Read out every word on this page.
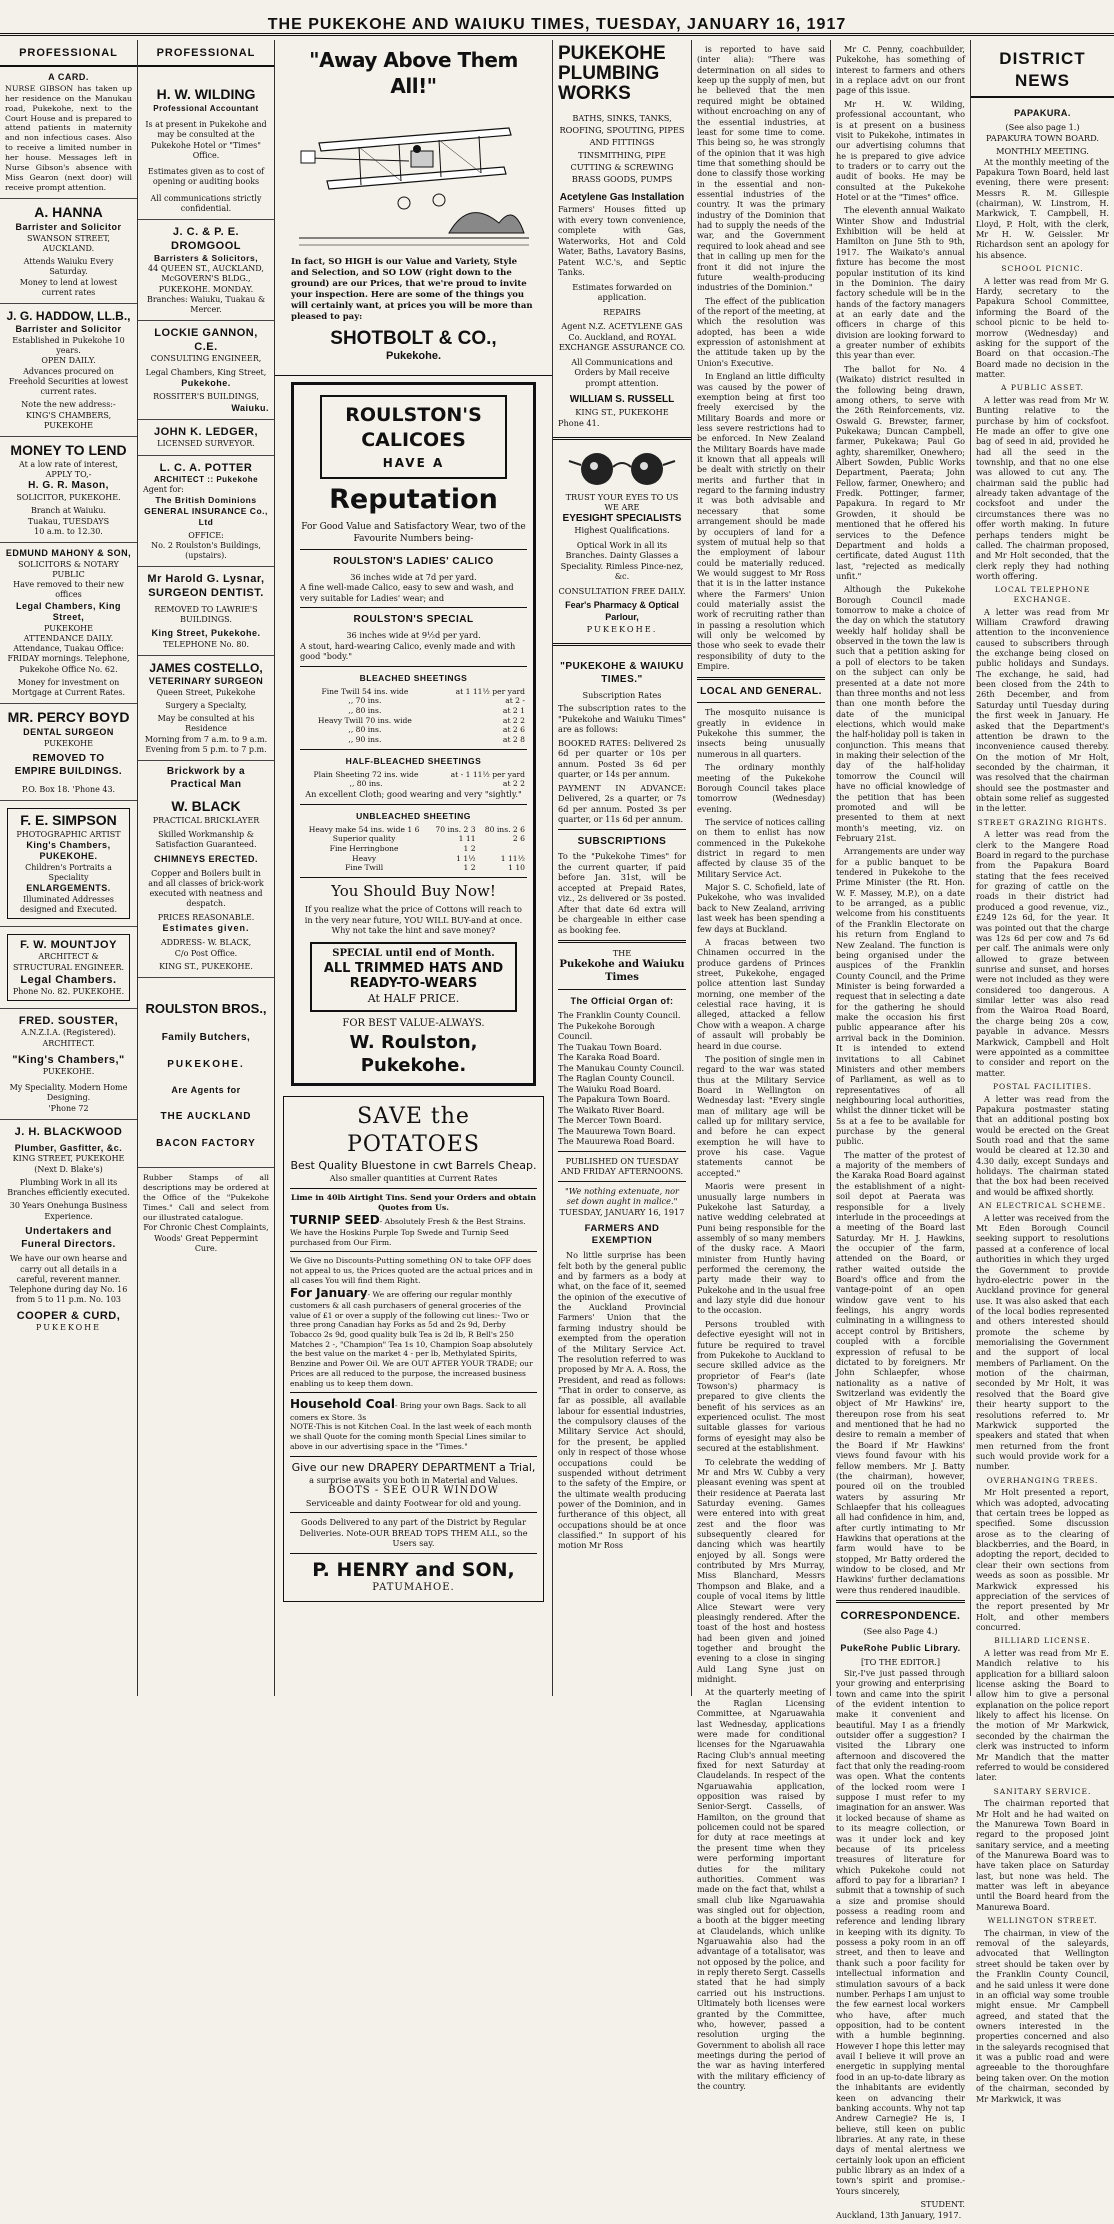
THE PUKEKOHE AND WAIUKU TIMES, TUESDAY, JANUARY 16, 1917
PROFESSIONAL
A CARD.
NURSE GIBSON has taken up her residence on the Manukau road, Pukekohe, next to the Court House and is prepared to attend patients in maternity and non infectious cases. Also to receive a limited number in her house. Messages left in Nurse Gibson's absence with Miss Gearon (next door) will receive prompt attention.
A. HANNA
Barrister and Solicitor
SWANSON STREET, AUCKLAND.
Attends Waiuku Every Saturday.
Money to lend at lowest current rates
J. G. HADDOW, LL.B.,
Barrister and Solicitor
Established in Pukekohe 10 years.
OPEN DAILY.
Advances procured on Freehold Securities at lowest current rates.
Note the new address:-
KING'S CHAMBERS, PUKEKOHE
MONEY TO LEND
At a low rate of interest,
APPLY TO,-
H. G. R. Mason,
SOLICITOR, PUKEKOHE.
Branch at Waiuku.
Tuakau, TUESDAYS
10 a.m. to 12.30.
EDMUND MAHONY & SON,
SOLICITORS & NOTARY PUBLIC
Have removed to their new offices
Legal Chambers, King Street,
PUKEKOHE
ATTENDANCE DAILY.
Attendance, Tuakau Office: FRIDAY mornings. Telephone, Pukekohe Office No. 62.
Money for investment on Mortgage at Current Rates.
MR. PERCY BOYD
DENTAL SURGEON
PUKEKOHE
REMOVED TO
EMPIRE BUILDINGS.
P.O. Box 18. 'Phone 43.
F. E. SIMPSON
PHOTOGRAPHIC ARTIST
King's Chambers,
PUKEKOHE.
Children's Portraits a Speciality
ENLARGEMENTS.
Illuminated Addresses designed and Executed.
F. W. MOUNTJOY
ARCHITECT & STRUCTURAL ENGINEER.
Legal Chambers.
Phone No. 82. PUKEKOHE.
FRED. SOUSTER,
A.N.Z.I.A. (Registered).
ARCHITECT.
"King's Chambers,"
PUKEKOHE.
My Speciality. Modern Home Designing.
'Phone 72
J. H. BLACKWOOD
Plumber, Gasfitter, &c.
KING STREET, PUKEKOHE
(Next D. Blake's)
Plumbing Work in all its Branches efficiently executed.
30 Years Onehunga Business Experience.
Undertakers and Funeral Directors.
We have our own hearse and carry out all details in a careful, reverent manner.
Telephone during day No. 16
from 5 to 11 p.m. No. 103
COOPER & CURD,
PUKEKOHE
PROFESSIONAL
H. W. WILDING
Professional Accountant
Is at present in Pukekohe and may be consulted at the Pukekohe Hotel or "Times" Office.
Estimates given as to cost of opening or auditing books
All communications strictly confidential.
J. C. & P. E. DROMGOOL
Barristers & Solicitors,
44 QUEEN ST., AUCKLAND,
McGOVERN'S BLDG., PUKEKOHE. MONDAY.
Branches: Waiuku, Tuakau & Mercer.
LOCKIE GANNON, C.E.
CONSULTING ENGINEER,
Legal Chambers, King Street,
Pukekohe.
ROSSITER'S BUILDINGS,
Waiuku.
JOHN K. LEDGER,
LICENSED SURVEYOR.
L. C. A. POTTER
ARCHITECT :: Pukekohe
Agent for:
The British Dominions GENERAL INSURANCE Co., Ltd
OFFICE:
No. 2 Roulston's Buildings, (upstairs).
Mr Harold G. Lysnar,
SURGEON DENTIST.
REMOVED TO LAWRIE'S BUILDINGS.
King Street, Pukekohe.
TELEPHONE No. 80.
JAMES COSTELLO,
VETERINARY SURGEON
Queen Street, Pukekohe
Surgery a Specialty,
May be consulted at his Residence
Morning from 7 a.m. to 9 a.m.
Evening from 5 p.m. to 7 p.m.
Brickwork by a Practical Man
W. BLACK
PRACTICAL BRICKLAYER
Skilled Workmanship & Satisfaction Guaranteed.
CHIMNEYS ERECTED.
Copper and Boilers built in and all classes of brick-work executed with neatness and despatch.
PRICES REASONABLE.
Estimates given.
ADDRESS- W. BLACK,
C/o Post Office.
KING ST., PUKEKOHE.
ROULSTON BROS.,
Family Butchers,
PUKEKOHE.
Are Agents for
THE AUCKLAND
BACON FACTORY
Rubber Stamps of all descriptions may be ordered at the Office of the "Pukekohe Times." Call and select from our illustrated catalogue.
For Chronic Chest Complaints, Woods' Great Peppermint Cure.
"Away Above Them All!"
In fact, SO HIGH is our Value and Variety, Style and Selection, and SO LOW (right down to the ground) are our Prices, that we're proud to invite your inspection. Here are some of the things you will certainly want, at prices you will be more than pleased to pay:
SHOTBOLT & CO.,
Pukekohe.
ROULSTON'S
CALICOES
HAVE A
Reputation
For Good Value and Satisfactory Wear, two of the Favourite Numbers being-
ROULSTON'S LADIES' CALICO
36 inches wide at 7d per yard.
A fine well-made Calico, easy to sew and wash, and very suitable for Ladies' wear; and
ROULSTON'S SPECIAL
36 inches wide at 9½d per yard.
A stout, hard-wearing Calico, evenly made and with good "body."
BLEACHED SHEETINGS
Fine Twill 54 ins. wide	at 1 11½ per yard
,, 70 ins.	at 2 -
,, 80 ins.	at 2 1
Heavy Twill 70 ins. wide	at 2 2
,, 80 ins.	at 2 6
,, 90 ins.	at 2 8
HALF-BLEACHED SHEETINGS
Plain Sheeting 72 ins. wide	at - 1 11½ per yard
,, 80 ins.	at 2 2
An excellent Cloth; good wearing and very "sightly."
UNBLEACHED SHEETING
Heavy make 54 ins. wide 1 6	70 ins. 2 3	80 ins. 2 6
Superior quality	1 11	2 6
Fine Herringbone	1 2	
Heavy	1 1½	1 11½
Fine Twill	1 2	1 10
You Should Buy Now!
If you realize what the price of Cottons will reach to in the very near future, YOU WILL BUY-and at once. Why not take the hint and save money?
SPECIAL until end of Month.
ALL TRIMMED HATS AND READY-TO-WEARS
At HALF PRICE.
FOR BEST VALUE-ALWAYS.
W. Roulston, Pukekohe.
SAVE the POTATOES
Best Quality Bluestone in cwt Barrels Cheap.
Also smaller quantities at Current Rates
Lime in 40lb Airtight Tins. Send your Orders and obtain Quotes from Us.
TURNIP SEED- Absolutely Fresh & the Best Strains. We have the Hoskins Purple Top Swede and Turnip Seed purchased from Our Firm.
We Give no Discounts-Putting something ON to take OFF does not appeal to us, the Prices quoted are the actual prices and in all cases You will find them Right.
For January- We are offering our regular monthly customers & all cash purchasers of general groceries of the value of £1 or over a supply of the following cut lines:- Two or three prong Canadian hay Forks as 5d and 2s 9d, Derby Tobacco 2s 9d, good quality bulk Tea is 2d lb, R Bell's 250 Matches 2 -, "Champion" Tea 1s 10, Champion Soap absolutely the best value on the market 4 - per lb, Methylated Spirits, Benzine and Power Oil. We are OUT AFTER YOUR TRADE; our Prices are all reduced to the purpose, the increased business enabling us to keep them down.
Household Coal- Bring your own Bags. Sack to all comers ex Store. 3s
NOTE-This is not Kitchen Coal. In the last week of each month we shall Quote for the coming month Special Lines similar to above in our advertising space in the "Times."
Give our new DRAPERY DEPARTMENT a Trial,
a surprise awaits you both in Material and Values.
BOOTS - SEE OUR WINDOW
Serviceable and dainty Footwear for old and young.
Goods Delivered to any part of the District by Regular Deliveries. Note-OUR BREAD TOPS THEM ALL, so the Users say.
P. HENRY and SON,
PATUMAHOE.
PUKEKOHE PLUMBING WORKS
BATHS, SINKS, TANKS, ROOFING, SPOUTING, PIPES AND FITTINGS TINSMITHING, PIPE CUTTING & SCREWING BRASS GOODS, PUMPS
Acetylene Gas Installation
Farmers' Houses fitted up with every town convenience, complete with Gas, Waterworks, Hot and Cold Water, Baths, Lavatory Basins, Patent W.C.'s, and Septic Tanks.
Estimates forwarded on application.
REPAIRS
Agent N.Z. ACETYLENE GAS Co. Auckland, and ROYAL EXCHANGE ASSURANCE CO.
All Communications and Orders by Mail receive prompt attention.
WILLIAM S. RUSSELL
KING ST., PUKEKOHE
Phone 41.
TRUST YOUR EYES TO US
WE ARE
EYESIGHT SPECIALISTS
Highest Qualifications.
Optical Work in all its Branches. Dainty Glasses a Speciality. Rimless Pince-nez, &c.
CONSULTATION FREE DAILY.
Fear's Pharmacy & Optical Parlour,
PUKEKOHE.
"PUKEKOHE & WAIUKU TIMES."
Subscription Rates
The subscription rates to the "Pukekohe and Waiuku Times" are as follows:
BOOKED RATES: Delivered 2s 6d per quarter or 10s per annum. Posted 3s 6d per quarter, or 14s per annum.
PAYMENT IN ADVANCE: Delivered, 2s a quarter, or 7s 6d per annum. Posted 3s per quarter, or 11s 6d per annum.
SUBSCRIPTIONS
To the "Pukekohe Times" for the current quarter, if paid before Jan. 31st, will be accepted at Prepaid Rates, viz., 2s delivered or 3s posted. After that date 6d extra will be chargeable in either case as booking fee.
THE
Pukekohe and Waiuku Times
The Official Organ of:
The Franklin County Council.
The Pukekohe Borough Council.
The Tuakau Town Board.
The Karaka Road Board.
The Manukau County Council.
The Raglan County Council.
The Waiuku Road Board.
The Papakura Town Board.
The Waikato River Board.
The Mercer Town Board.
The Mauurewa Town Board.
The Mauurewa Road Board.
PUBLISHED ON TUESDAY AND FRIDAY AFTERNOONS.
"We nothing extenuate, nor set down aught in malice."
TUESDAY, JANUARY 16, 1917
FARMERS AND EXEMPTION

No little surprise has been felt both by the general public and by farmers as a body at what, on the face of it, seemed the opinion of the executive of the Auckland Provincial Farmers' Union that the farming industry should be exempted from the operation of the Military Service Act. The resolution referred to was proposed by Mr A. A. Ross, the President, and read as follows: "That in order to conserve, as far as possible, all available labour for essential industries, the compulsory clauses of the Military Service Act should, for the present, be applied only in respect of those whose occupations could be suspended without detriment to the safety of the Empire, or the ultimate wealth producing power of the Dominion, and in furtherance of this object, all occupations should be at once classified." In support of his motion Mr Ross

is reported to have said (inter alia): "There was determination on all sides to keep up the supply of men, but he believed that the men required might be obtained without encroaching on any of the essential industries, at least for some time to come. This being so, he was strongly of the opinion that it was high time that something should be done to classify those working in the essential and non-essential industries of the country. It was the primary industry of the Dominion that had to supply the needs of the war, and the Government required to look ahead and see that in calling up men for the front it did not injure the future wealth-producing industries of the Dominion."

The effect of the publication of the report of the meeting, at which the resolution was adopted, has been a wide expression of astonishment at the attitude taken up by the Union's Executive.

In England an little difficulty was caused by the power of exemption being at first too freely exercised by the Military Boards and more or less severe restrictions had to be enforced. In New Zealand the Military Boards have made it known that all appeals will be dealt with strictly on their merits and further that in regard to the farming industry it was both advisable and necessary that some arrangement should be made by occupiers of land for a system of mutual help so that the employment of labour could be materially reduced. We would suggest to Mr Ross that it is in the latter instance where the Farmers' Union could materially assist the work of recruiting rather than in passing a resolution which will only be welcomed by those who seek to evade their responsibility of duty to the Empire.

LOCAL AND GENERAL.

The mosquito nuisance is greatly in evidence in Pukekohe this summer, the insects being unusually numerous in all quarters.

The ordinary monthly meeting of the Pukekohe Borough Council takes place tomorrow (Wednesday) evening.

The service of notices calling on them to enlist has now commenced in the Pukekohe district in regard to men affected by clause 35 of the Military Service Act.

Major S. C. Schofield, late of Pukekohe, who was invalided back to New Zealand, arriving last week has been spending a few days at Buckland.

A fracas between two Chinamen occurred in the produce gardens of Princes street, Pukekohe, engaged police attention last Sunday morning, one member of the celestial race having, it is alleged, attacked a fellow Chow with a weapon. A charge of assault will probably be heard in due course.

The position of single men in regard to the war was stated thus at the Military Service Board in Wellington on Wednesday last: "Every single man of military age will be called up for military service, and before he can expect exemption he will have to prove his case. Vague statements cannot be accepted."

Maoris were present in unusually large numbers in Pukekohe last Saturday, a native wedding celebrated at Puni being responsible for the assembly of so many members of the dusky race. A Maori minister from Huntly having performed the ceremony, the party made their way to Pukekohe and in the usual free and lazy style did due honour to the occasion.

Persons troubled with defective eyesight will not in future be required to travel from Pukekohe to Auckland to secure skilled advice as the proprietor of Fear's (late Towson's) pharmacy is prepared to give clients the benefit of his services as an experienced oculist. The most suitable glasses for various forms of eyesight may also be secured at the establishment.

To celebrate the wedding of Mr and Mrs W. Cubby a very pleasant evening was spent at their residence at Paerata last Saturday evening. Games were entered into with great zest and the floor was subsequently cleared for dancing which was heartily enjoyed by all. Songs were contributed by Mrs Murray, Miss Blanchard, Messrs Thompson and Blake, and a couple of vocal items by little Alice Stewart were very pleasingly rendered. After the toast of the host and hostess had been given and joined together and brought the evening to a close in singing Auld Lang Syne just on midnight.

At the quarterly meeting of the Raglan Licensing Committee, at Ngaruawahia last Wednesday, applications were made for conditional licenses for the Ngaruawahia Racing Club's annual meeting fixed for next Saturday at Claudelands. In respect of the Ngaruawahia application, opposition was raised by Senior-Sergt. Cassells, of Hamilton, on the ground that policemen could not be spared for duty at race meetings at the present time when they were performing important duties for the military authorities. Comment was made on the fact that, whilst a small club like Ngaruawahia was singled out for objection, a booth at the bigger meeting at Claudelands, which unlike Ngaruawahia also had the advantage of a totalisator, was not opposed by the police, and in reply thereto Sergt. Cassells stated that he had simply carried out his instructions. Ultimately both licenses were granted by the Committee, who, however, passed a resolution urging the Government to abolish all race meetings during the period of the war as having interfered with the military efficiency of the country.

Mr C. Penny, coachbuilder, Pukekohe, has something of interest to farmers and others in a replace advt on our front page of this issue.

Mr H. W. Wilding, professional accountant, who is at present on a business visit to Pukekohe, intimates in our advertising columns that he is prepared to give advice to traders or to carry out the audit of books. He may be consulted at the Pukekohe Hotel or at the "Times" office.

The eleventh annual Waikato Winter Show and Industrial Exhibition will be held at Hamilton on June 5th to 9th, 1917. The Waikato's annual fixture has become the most popular institution of its kind in the Dominion. The dairy factory schedule will be in the hands of the factory managers at an early date and the officers in charge of this division are looking forward to a greater number of exhibits this year than ever.

The ballot for No. 4 (Waikato) district resulted in the following being drawn, among others, to serve with the 26th Reinforcements, viz. Oswald G. Brewster, farmer, Pukekawa; Duncan Campbell, farmer, Pukekawa; Paul Go aghty, sharemilker, Onewhero; Albert Sowden, Public Works Department, Paerata; John Fellow, farmer, Onewhero; and Fredk. Pottinger, farmer, Papakura. In regard to Mr Growden, it should be mentioned that he offered his services to the Defence Department and holds a certificate, dated August 11th last, "rejected as medically unfit."

Although the Pukekohe Borough Council made tomorrow to make a choice of the day on which the statutory weekly half holiday shall be observed in the town the law is such that a petition asking for a poll of electors to be taken on the subject can only be presented at a date not more than three months and not less than one month before the date of the municipal elections, which would make the half-holiday poll is taken in conjunction. This means that in making their selection of the day of the half-holiday tomorrow the Council will have no official knowledge of the petition that has been promoted and will be presented to them at next month's meeting, viz. on February 21st.

Arrangements are under way for a public banquet to be tendered in Pukekohe to the Prime Minister (the Rt. Hon. W. F. Massey, M.P.), on a date to be arranged, as a public welcome from his constituents of the Franklin Electorate on his return from England to New Zealand. The function is being organised under the auspices of the Franklin County Council, and the Prime Minister is being forwarded a request that in selecting a date for the gathering he should make the occasion his first public appearance after his arrival back in the Dominion. It is intended to extend invitations to all Cabinet Ministers and other members of Parliament, as well as to representatives of all neighbouring local authorities, whilst the dinner ticket will be 5s at a fee to be available for purchase by the general public.

The matter of the protest of a majority of the members of the Karaka Road Board against the establishment of a night-soil depot at Paerata was responsible for a lively interlude in the proceedings at a meeting of the Board last Saturday. Mr H. J. Hawkins, the occupier of the farm, attended on the Board, or rather waited outside the Board's office and from the vantage-point of an open window gave vent to his feelings, his angry words culminating in a willingness to accept control by Britishers, coupled with a forcible expression of refusal to be dictated to by foreigners. Mr John Schlaepfer, whose nationality as a native of Switzerland was evidently the object of Mr Hawkins' ire, thereupon rose from his seat and mentioned that he had no desire to remain a member of the Board if Mr Hawkins' views found favour with his fellow members. Mr J. Batty (the chairman), however, poured oil on the troubled waters by assuring Mr Schlaepfer that his colleagues all had confidence in him, and, after curtly intimating to Mr Hawkins that operations at the farm would have to be stopped, Mr Batty ordered the window to be closed, and Mr Hawkins' further declamations were thus rendered inaudible.

CORRESPONDENCE.
(See also Page 4.)
PukeRohe Public Library.
[TO THE EDITOR.]

Sir,-I've just passed through your growing and enterprising town and came into the spirit of the evident intention to make it convenient and beautiful. May I as a friendly outsider offer a suggestion? I visited the Library one afternoon and discovered the fact that only the reading-room was open. What the contents of the locked room were I suppose I must refer to my imagination for an answer. Was it locked because of shame as to its meagre collection, or was it under lock and key because of its priceless treasures of literature for which Pukekohe could not afford to pay for a librarian? I submit that a township of such a size and promise should possess a reading room and reference and lending library in keeping with its dignity. To possess a poky room in an off street, and then to leave and thank such a poor facility for intellectual information and stimulation savours of a back number. Perhaps I am unjust to the few earnest local workers who have, after much opposition, had to be content with a humble beginning. However I hope this letter may avail I believe it will prove an energetic in supplying mental food in an up-to-date library as the inhabitants are evidently keen on advancing their banking accounts. Why not tap Andrew Carnegie? He is, I believe, still keen on public libraries. At any rate, in these days of mental alertness we certainly look upon an efficient public library as an index of a town's spirit and promise.-Yours sincerely,

STUDENT.
Auckland, 13th January, 1917.
DISTRICT NEWS
PAPAKURA.
(See also page 1.)
PAPAKURA TOWN BOARD.
MONTHLY MEETING.

At the monthly meeting of the Papakura Town Board, held last evening, there were present: Messrs R. M. Gillespie (chairman), W. Linstrom, H. Markwick, T. Campbell, H. Lloyd, P. Holt, with the clerk, Mr H. W. Geissler. Mr Richardson sent an apology for his absence.

SCHOOL PICNIC.

A letter was read from Mr G. Hardy, secretary to the Papakura School Committee, informing the Board of the school picnic to be held to-morrow (Wednesday) and asking for the support of the Board on that occasion.-The Board made no decision in the matter.

A PUBLIC ASSET.

A letter was read from Mr W. Bunting relative to the purchase by him of cocksfoot. He made an offer to give one bag of seed in aid, provided he had all the seed in the township, and that no one else was allowed to cut any. The chairman said the public had already taken advantage of the cocksfoot and under the circumstances there was no offer worth making. In future perhaps tenders might be called. The chairman proposed, and Mr Holt seconded, that the clerk reply they had nothing worth offering.

LOCAL TELEPHONE EXCHANGE.

A letter was read from Mr William Crawford drawing attention to the inconvenience caused to subscribers through the exchange being closed on public holidays and Sundays. The exchange, he said, had been closed from the 24th to 26th December, and from Saturday until Tuesday during the first week in January. He asked that the Department's attention be drawn to the inconvenience caused thereby. On the motion of Mr Holt, seconded by the chairman, it was resolved that the chairman should see the postmaster and obtain some relief as suggested in the letter.

STREET GRAZING RIGHTS.

A letter was read from the clerk to the Mangere Road Board in regard to the purchase from the Papakura Board stating that the fees received for grazing of cattle on the roads in their district had produced a good revenue, viz., £249 12s 6d, for the year. It was pointed out that the charge was 12s 6d per cow and 7s 6d per calf. The animals were only allowed to graze between sunrise and sunset, and horses were not included as they were considered too dangerous. A similar letter was also read from the Wairoa Road Board, the charge being 20s a cow, payable in advance. Messrs Markwick, Campbell and Holt were appointed as a committee to consider and report on the matter.

POSTAL FACILITIES.

A letter was read from the Papakura postmaster stating that an additional posting box would be erected on the Great South road and that the same would be cleared at 12.30 and 4.30 daily, except Sundays and holidays. The chairman stated that the box had been received and would be affixed shortly.

AN ELECTRICAL SCHEME.

A letter was received from the Mt Eden Borough Council seeking support to resolutions passed at a conference of local authorities in which they urged the Government to provide hydro-electric power in the Auckland province for general use. It was also asked that each of the local bodies represented and others interested should promote the scheme by memorialising the Government and the support of local members of Parliament. On the motion of the chairman, seconded by Mr Holt, it was resolved that the Board give their hearty support to the resolutions referred to. Mr Markwick supported the speakers and stated that when men returned from the front such would provide work for a number.

OVERHANGING TREES.

Mr Holt presented a report, which was adopted, advocating that certain trees be lopped as specified. Some discussion arose as to the clearing of blackberries, and the Board, in adopting the report, decided to clear their own sections from weeds as soon as possible. Mr Markwick expressed his appreciation of the services of the report presented by Mr Holt, and other members concurred.

BILLIARD LICENSE.

A letter was read from Mr E. Mandich relative to his application for a billiard saloon license asking the Board to allow him to give a personal explanation on the police report likely to affect his license. On the motion of Mr Markwick, seconded by the chairman the clerk was instructed to inform Mr Mandich that the matter referred to would be considered later.

SANITARY SERVICE.

The chairman reported that Mr Holt and he had waited on the Manurewa Town Board in regard to the proposed joint sanitary service, and a meeting of the Manurewa Board was to have taken place on Saturday last, but none was held. The matter was left in abeyance until the Board heard from the Manurewa Board.

WELLINGTON STREET.

The chairman, in view of the removal of the saleyards, advocated that Wellington street should be taken over by the Franklin County Council, and he said unless it were done in an official way some trouble might ensue. Mr Campbell agreed, and stated that the owners interested in the properties concerned and also in the saleyards recognised that it was a public road and were agreeable to the thoroughfare being taken over. On the motion of the chairman, seconded by Mr Markwick, it was
